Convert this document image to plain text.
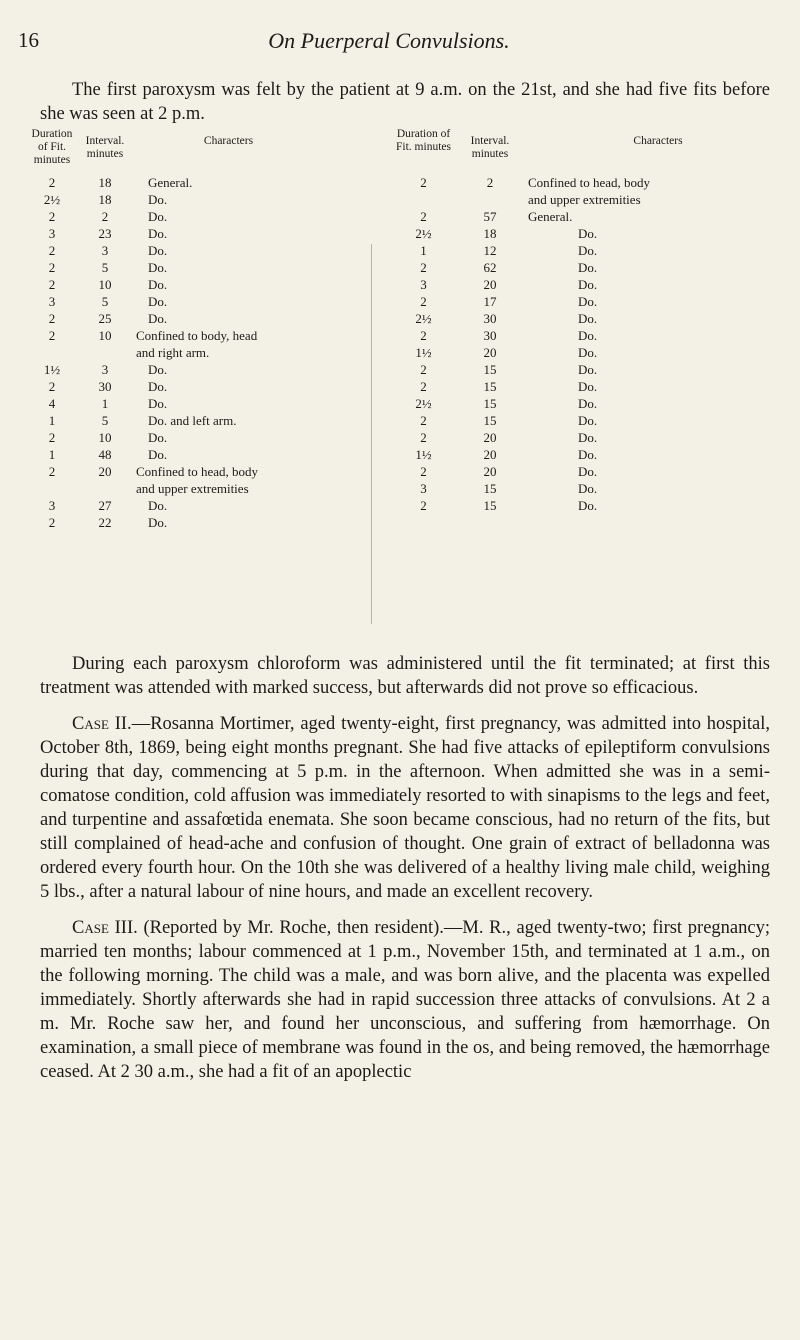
16	On Puerperal Convulsions.

The first paroxysm was felt by the patient at 9 a.m. on the 21st, and she had five fits before she was seen at 2 p.m.

Duration of Fit. minutes
Interval. minutes
Characters
2	18	General.
2½	18	Do.
2	2	Do.
3	23	Do.
2	3	Do.
2	5	Do.
2	10	Do.
3	5	Do.
2	25	Do.
2	10	Confined to body, head
and right arm.
1½	3	Do.
2	30	Do.
4	1	Do.
1	5	Do. and left arm.
2	10	Do.
1	48	Do.
2	20	Confined to head, body
and upper extremities
3	27	Do.
2	22	Do.
Duration of Fit. minutes	Interval. minutes
Characters
2	2	Confined to head, body
and upper extremities
2	57	General.
2½	18	Do.
1	12	Do.
2	62	Do.
3	20	Do.
2	17	Do.
2½	30	Do.
2	30	Do.
1½	20	Do.
2	15	Do.
2	15	Do.
2½	15	Do.
2	15	Do.
2	20	Do.
1½	20	Do.
2	20	Do.
3	15	Do.
2	15	Do.

During each paroxysm chloroform was administered until the fit terminated; at first this treatment was attended with marked success, but afterwards did not prove so efficacious.

Case II.—Rosanna Mortimer, aged twenty-eight, first pregnancy, was admitted into hospital, October 8th, 1869, being eight months pregnant. She had five attacks of epileptiform convulsions during that day, commencing at 5 p.m. in the afternoon. When admitted she was in a semi-comatose condition, cold affusion was immediately resorted to with sinapisms to the legs and feet, and turpentine and assafœtida enemata. She soon became conscious, had no return of the fits, but still complained of head-ache and confusion of thought. One grain of extract of belladonna was ordered every fourth hour. On the 10th she was delivered of a healthy living male child, weighing 5 lbs., after a natural labour of nine hours, and made an excellent recovery.

Case III. (Reported by Mr. Roche, then resident).—M. R., aged twenty-two; first pregnancy; married ten months; labour commenced at 1 p.m., November 15th, and terminated at 1 a.m., on the following morning. The child was a male, and was born alive, and the placenta was expelled immediately. Shortly afterwards she had in rapid succession three attacks of convulsions. At 2 a m. Mr. Roche saw her, and found her unconscious, and suffering from hæmorrhage. On examination, a small piece of membrane was found in the os, and being removed, the hæmorrhage ceased. At 2 30 a.m., she had a fit of an apoplectic
